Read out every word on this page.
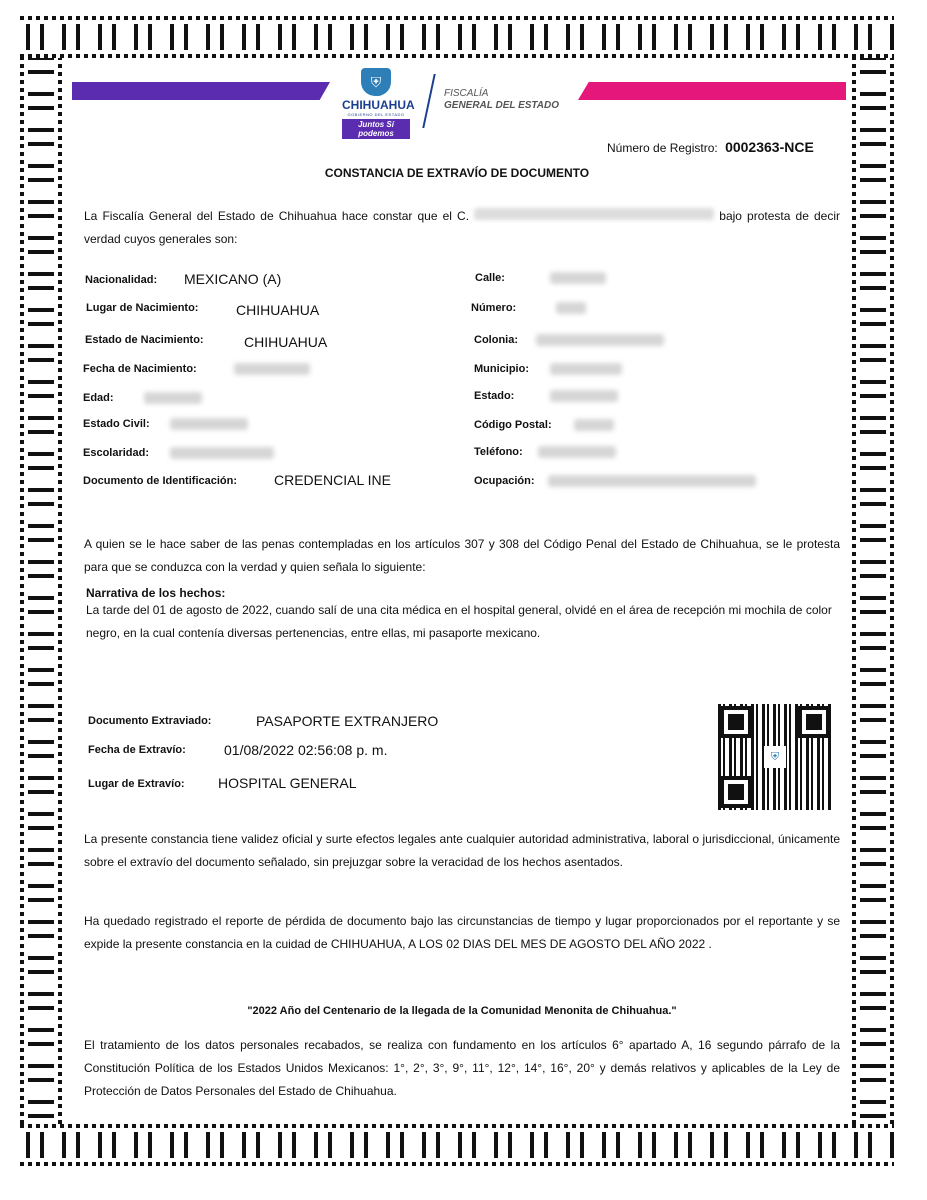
⛨
CHIHUAHUA
GOBIERNO DEL ESTADO
Juntos Sí podemos
FISCALÍA
GENERAL DEL ESTADO
Número de Registro: 0002363-NCE
CONSTANCIA DE EXTRAVÍO DE DOCUMENTO
La Fiscalía General del Estado de Chihuahua hace constar que el C.	bajo protesta de decir verdad cuyos generales son:
Nacionalidad: MEXICANO (A)
Lugar de Nacimiento:	CHIHUAHUA
Estado de Nacimiento:	CHIHUAHUA
Fecha de Nacimiento:
Edad:
Estado Civil:
Escolaridad:
Documento de Identificación:	CREDENCIAL INE
Calle:
Número:
Colonia:
Municipio:
Estado:
Código Postal:
Teléfono:
Ocupación:
A quien se le hace saber de las penas contempladas en los artículos 307 y 308 del Código Penal del Estado de Chihuahua, se le protesta para que se conduzca con la verdad y quien señala lo siguiente:
Narrativa de los hechos:
La tarde del 01 de agosto de 2022, cuando salí de una cita médica en el hospital general, olvidé en el área de recepción mi mochila de color negro, en la cual contenía diversas pertenencias, entre ellas, mi pasaporte mexicano.
Documento Extraviado:	PASAPORTE EXTRANJERO
Fecha de Extravío:	01/08/2022 02:56:08 p. m.
Lugar de Extravío: HOSPITAL GENERAL
⛨
La presente constancia tiene validez oficial y surte efectos legales ante cualquier autoridad administrativa, laboral o jurisdiccional, únicamente sobre el extravío del documento señalado, sin prejuzgar sobre la veracidad de los hechos asentados.
Ha quedado registrado el reporte de pérdida de documento bajo las circunstancias de tiempo y lugar proporcionados por el reportante y se expide la presente constancia en la cuidad de CHIHUAHUA, A LOS 02 DIAS DEL MES DE AGOSTO DEL AÑO 2022 .
"2022 Año del Centenario de la llegada de la Comunidad Menonita de Chihuahua."
El tratamiento de los datos personales recabados, se realiza con fundamento en los artículos 6° apartado A, 16 segundo párrafo de la Constitución Política de los Estados Unidos Mexicanos: 1°, 2°, 3°, 9°, 11°, 12°, 14°, 16°, 20° y demás relativos y aplicables de la Ley de Protección de Datos Personales del Estado de Chihuahua.
